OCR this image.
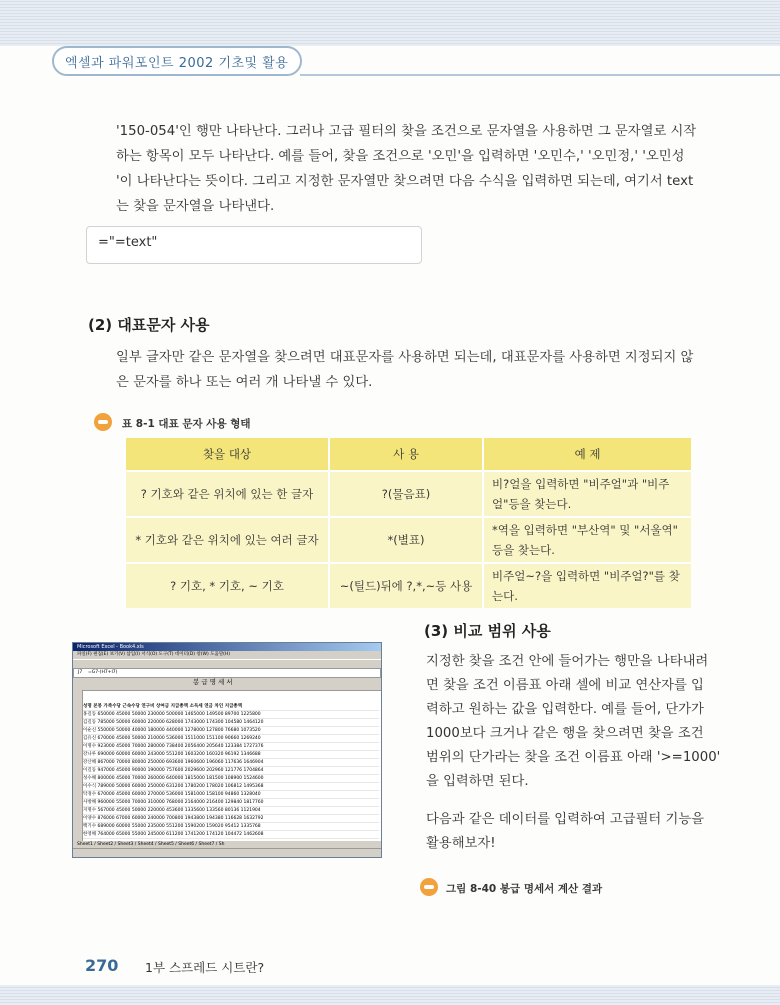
엑셀과 파워포인트 2002 기초및 활용

'150-054'인 행만 나타난다. 그러나 고급 필터의 찾을 조건으로 문자열을 사용하면 그 문자열로 시작

하는 항목이 모두 나타난다. 예를 들어, 찾을 조건으로 '오민'을 입력하면 '오민수,' '오민정,' '오민성

'이 나타난다는 뜻이다. 그리고 지정한 문자열만 찾으려면 다음 수식을 입력하면 되는데, 여기서 text

는 찾을 문자열을 나타낸다.

="=text"
(2) 대표문자 사용

일부 글자만 같은 문자열을 찾으려면 대표문자를 사용하면 되는데, 대표문자를 사용하면 지정되지 않

은 문자를 하나 또는 여러 개 나타낼 수 있다.

표 8-1 대표 문자 사용 형태
찾을 대상	사 용	예 제
? 기호와 같은 위치에 있는 한 글자	?(물음표)	비?얼을 입력하면 "비주얼"과 "비주
얼"등을 찾는다.
* 기호와 같은 위치에 있는 여러 글자	*(별표)	*역을 입력하면 "부산역" 및 "서울역"
등을 찾는다.
? 기호, * 기호, ~ 기호	~(틸드)뒤에 ?,*,~등 사용	비주얼~?을 입력하면 "비주얼?"를 찾
는다.
(3) 비교 범위 사용

지정한 찾을 조건 안에 들어가는 행만을 나타내려

면 찾을 조건 이름표 아래 셀에 비교 연산자를 입

력하고 원하는 값을 입력한다. 예를 들어, 단가가

1000보다 크거나 같은 행을 찾으려면 찾을 조건

범위의 단가라는 찾을 조건 이름표 아래 '>=1000'

을 입력하면 된다.

다음과 같은 데이터를 입력하여 고급필터 기능을

활용해보자!

Microsoft Excel - Book4.xls
파일(F) 편집(E) 보기(V) 삽입(I) 서식(O) 도구(T) 데이터(D) 창(W) 도움말(H)
J7 =G7-(H7+I7)
봉 급 명 세 서
성명 본봉 가족수당 근속수당 연구비 상여금 지급총액 소득세 연금 차인 지급총액
홍길동 650000 45000 50000 230000 500000 1465000 149500 89700 1225800
김길동 785000 50000 60000 220000 628000 1743000 174300 104580 1464120
이순신 550000 50000 40000 180000 440000 1278000 127800 76680 1073520
김유신 670000 45000 50000 210000 536000 1511000 151100 90660 1269240
이명수 923000 45000 70000 280000 738400 2056400 205640 123384 1727376
강나루 690000 60000 60000 243000 551200 1603200 160320 96192 1346688
강산해 867000 70000 80000 250000 693600 1960600 196060 117636 1646904
이길동 947000 45000 90000 190000 757600 2029600 202960 121776 1704864
성수해 800000 45000 70000 260000 640000 1815000 181500 108900 1524600
이수식 789000 50000 60000 250000 631200 1780200 178020 106812 1495368
탁경수 670000 45000 60000 270000 536000 1581000 158100 94860 1328040
사방해 960000 55000 70000 310000 768000 2164000 216400 129840 1817760
지명수 567000 45000 50000 220000 453600 1335600 133560 80136 1121904
이양수 876000 67000 60000 240000 700800 1943800 194380 116628 1632792
백기수 689000 60000 55000 235000 551200 1590200 159020 95412 1335768
한영해 764000 65000 55000 245000 611200 1741200 174120 104472 1462608
Sheet1 / Sheet2 / Sheet3 / Sheet4 / Sheet5 / Sheet6 / Sheet7 / Sh
그림 8-40 봉급 명세서 계산 결과
270 1부 스프레드 시트란?
